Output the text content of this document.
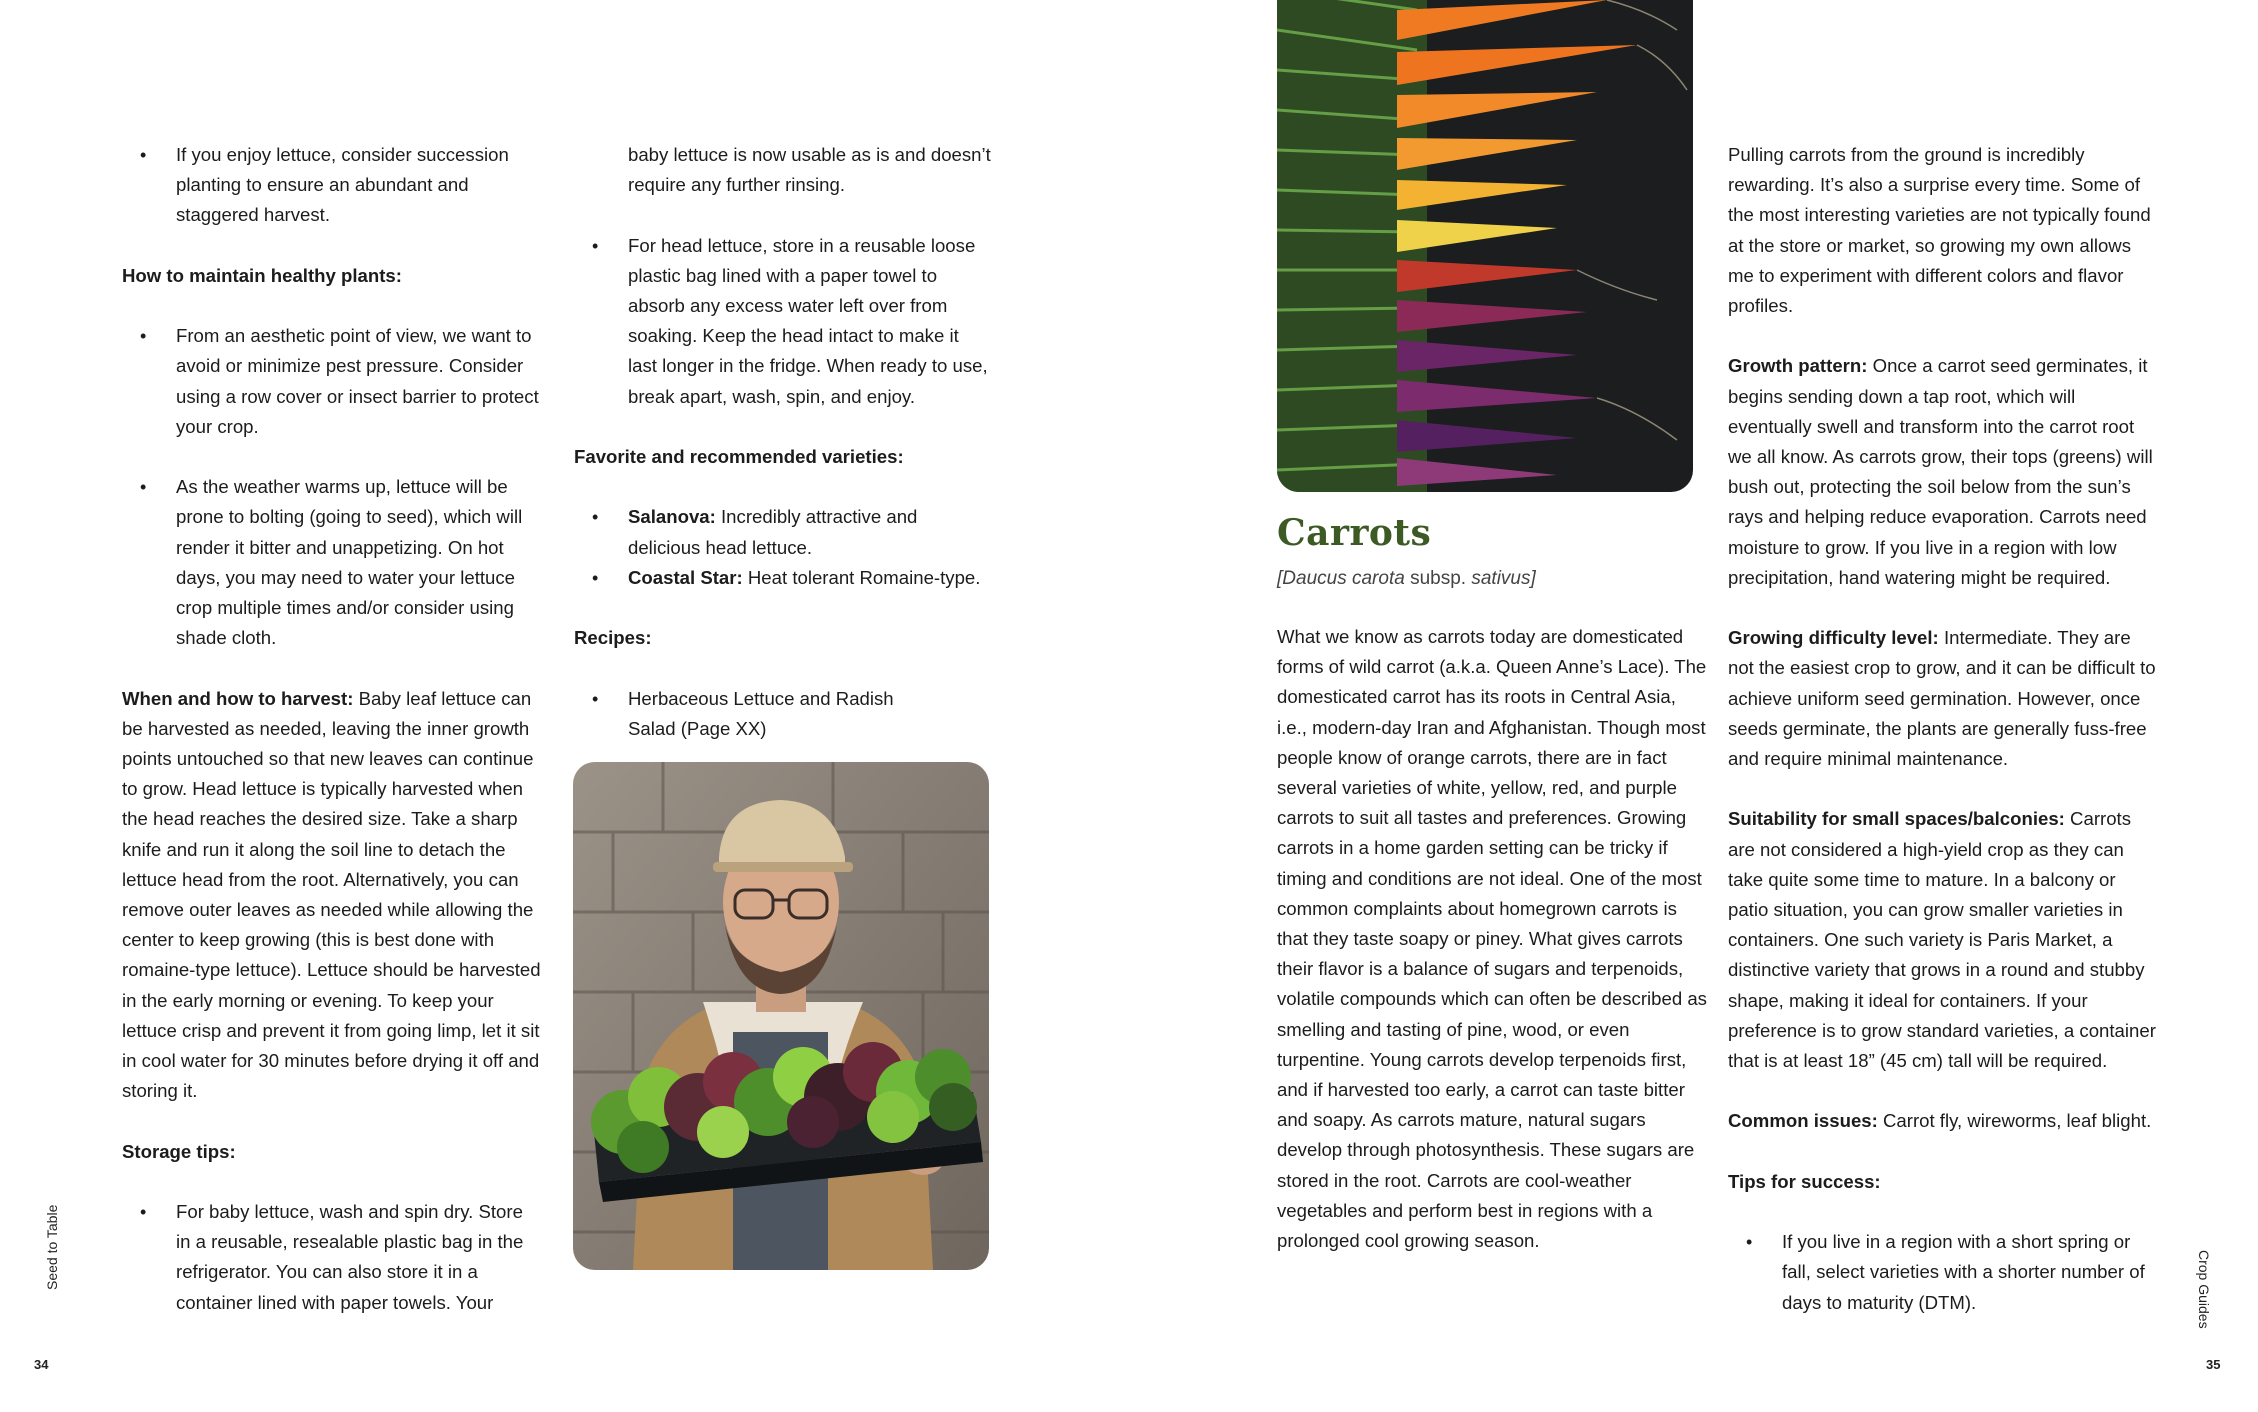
• If you enjoy lettuce, consider succession planting to ensure an abundant and staggered harvest.

How to maintain healthy plants:

• From an aesthetic point of view, we want to avoid or minimize pest pressure. Consider using a row cover or insect barrier to protect your crop.
• As the weather warms up, lettuce will be prone to bolting (going to seed), which will render it bitter and unappetizing. On hot days, you may need to water your lettuce crop multiple times and/or consider using shade cloth.

When and how to harvest: Baby leaf lettuce can be harvested as needed, leaving the inner growth points untouched so that new leaves can continue to grow. Head lettuce is typically harvested when the head reaches the desired size. Take a sharp knife and run it along the soil line to detach the lettuce head from the root. Alternatively, you can remove outer leaves as needed while allowing the center to keep growing (this is best done with romaine-type lettuce). Lettuce should be harvested in the early morning or evening. To keep your lettuce crisp and prevent it from going limp, let it sit in cool water for 30 minutes before drying it off and storing it.

Storage tips:

• For baby lettuce, wash and spin dry. Store in a reusable, resealable plastic bag in the refrigerator. You can also store it in a container lined with paper towels. Your

baby lettuce is now usable as is and doesn’t require any further rinsing.

• For head lettuce, store in a reusable loose plastic bag lined with a paper towel to absorb any excess water left over from soaking. Keep the head intact to make it last longer in the fridge. When ready to use, break apart, wash, spin, and enjoy.

Favorite and recommended varieties:

• Salanova: Incredibly attractive and delicious head lettuce.
• Coastal Star: Heat tolerant Romaine-type.

Recipes:

• Herbaceous Lettuce and Radish Salad (Page XX)
Carrots
[Daucus carota subsp. sativus]

What we know as carrots today are domesticated forms of wild carrot (a.k.a. Queen Anne’s Lace). The domesticated carrot has its roots in Central Asia, i.e., modern-day Iran and Afghanistan. Though most people know of orange carrots, there are in fact several varieties of white, yellow, red, and purple carrots to suit all tastes and preferences. Growing carrots in a home garden setting can be tricky if timing and conditions are not ideal. One of the most common complaints about homegrown carrots is that they taste soapy or piney. What gives carrots their flavor is a balance of sugars and terpenoids, volatile compounds which can often be described as smelling and tasting of pine, wood, or even turpentine. Young carrots develop terpenoids first, and if harvested too early, a carrot can taste bitter and soapy. As carrots mature, natural sugars develop through photosynthesis. These sugars are stored in the root. Carrots are cool-weather vegetables and perform best in regions with a prolonged cool growing season.

Pulling carrots from the ground is incredibly rewarding. It’s also a surprise every time. Some of the most interesting varieties are not typically found at the store or market, so growing my own allows me to experiment with different colors and flavor profiles.

Growth pattern: Once a carrot seed germinates, it begins sending down a tap root, which will eventually swell and transform into the carrot root we all know. As carrots grow, their tops (greens) will bush out, protecting the soil below from the sun’s rays and helping reduce evaporation. Carrots need moisture to grow. If you live in a region with low precipitation, hand watering might be required.

Growing difficulty level: Intermediate. They are not the easiest crop to grow, and it can be difficult to achieve uniform seed germination. However, once seeds germinate, the plants are generally fuss-free and require minimal maintenance.

Suitability for small spaces/balconies: Carrots are not considered a high-yield crop as they can take quite some time to mature. In a balcony or patio situation, you can grow smaller varieties in containers. One such variety is Paris Market, a distinctive variety that grows in a round and stubby shape, making it ideal for containers. If your preference is to grow standard varieties, a container that is at least 18” (45 cm) tall will be required.

Common issues: Carrot fly, wireworms, leaf blight.

Tips for success:

• If you live in a region with a short spring or fall, select varieties with a shorter number of days to maturity (DTM).
Seed to Table
34
Crop Guides
35
